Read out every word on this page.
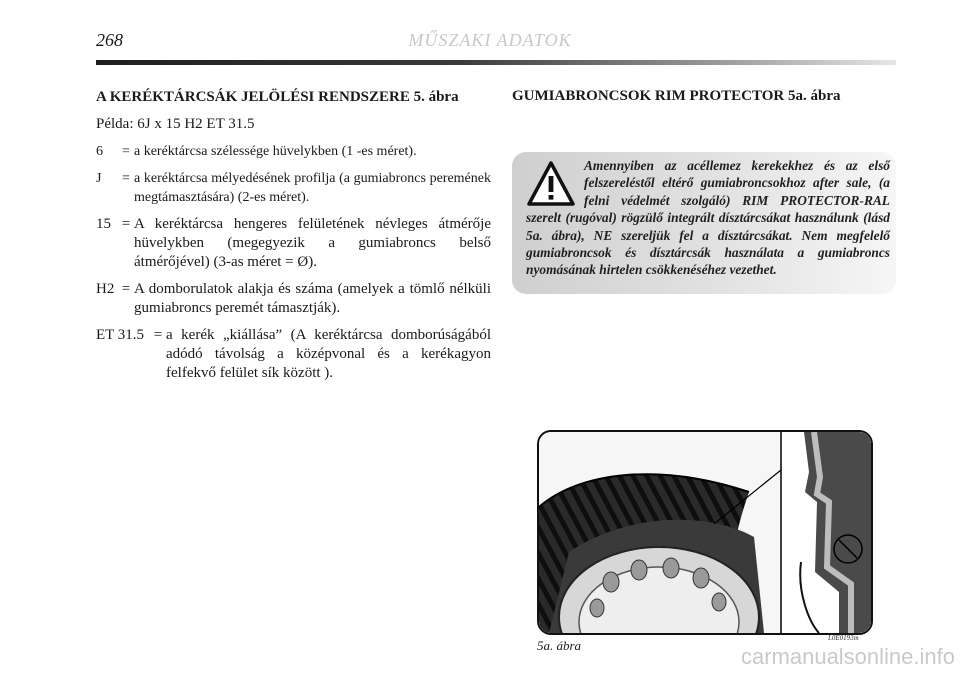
268	MŰSZAKI ADATOK
A KERÉKTÁRCSÁK JELÖLÉSI RENDSZERE 5. ábra
Példa: 6J x 15 H2 ET 31.5
6	= a keréktárcsa szélessége hüvelykben (1 -es méret).
J	= a keréktárcsa mélyedésének profilja (a gumiabroncs peremének megtámasztására) (2-es méret).
15 = A keréktárcsa hengeres felületének névleges átmérője hüvelykben (megegyezik a gumiabroncs belső átmérőjével) (3-as méret = Ø).
H2 = A domborulatok alakja és száma (amelyek a tömlő nélküli gumiabroncs peremét támasztják).
ET 31.5 = a kerék „kiállása” (A keréktárcsa domborúságából adódó távolság a középvonal és a kerékagyon felfekvő felület sík között ).
GUMIABRONCSOK RIM PROTECTOR 5a. ábra
Amennyiben az acéllemez kerekekhez és az első felszereléstől eltérő gumiabroncsokhoz after sale, (a felni védelmét szolgáló) RIM PROTECTOR-RAL szerelt (rugóval) rögzülő integrált dísztárcsákat használunk (lásd 5a. ábra), NE szereljük fel a dísztárcsákat. Nem megfelelő gumiabroncsok és dísztárcsák használata a gumiabroncs nyomásának hirtelen csökkenéséhez vezethet.
5a. ábra	L0E0193m
carmanualsonline.info
